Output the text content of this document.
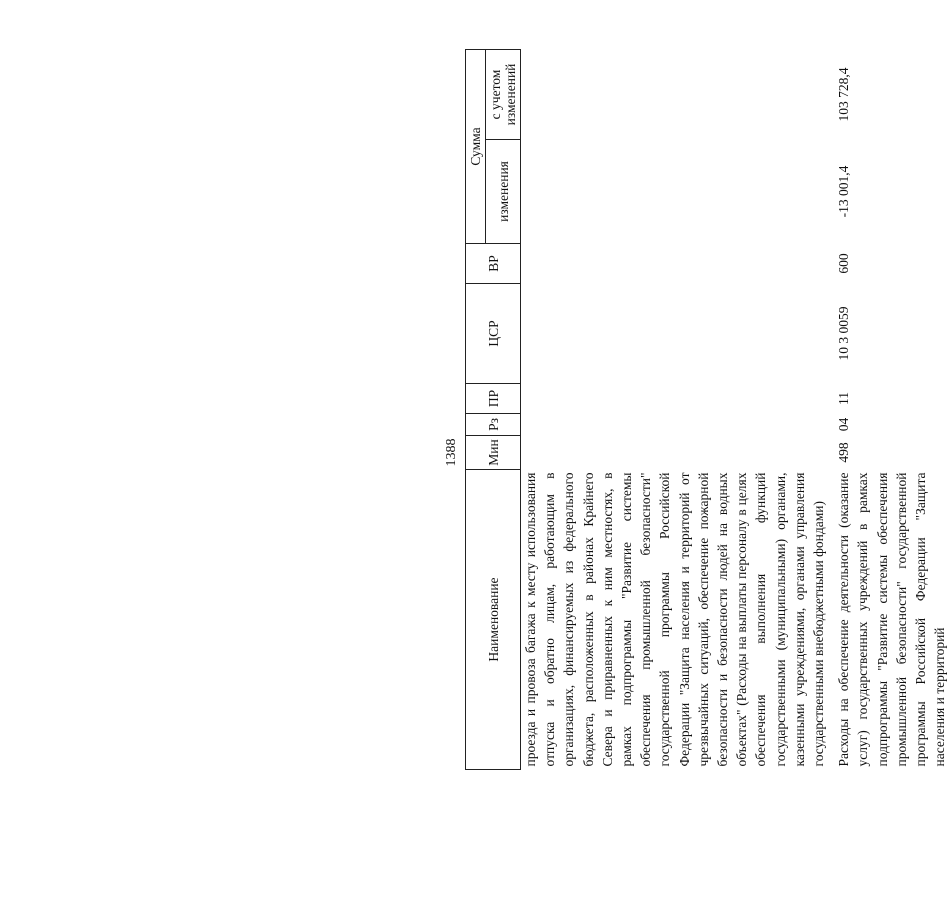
1388
Наименование	Мин	Рз	ПР	ЦСР	ВР	Сумма	
						изменения	с учетом изменений
проезда и провоза багажа к месту использования отпуска и обратно лицам, работающим в организациях, финансируемых из федерального бюджета, расположенных в районах Крайнего Севера и приравненных к ним местностях, в рамках подпрограммы "Развитие системы обеспечения промышленной безопасности" государственной программы Российской Федерации "Защита населения и территорий от чрезвычайных ситуаций, обеспечение пожарной безопасности и безопасности людей на водных объектах" (Расходы на выплаты персоналу в целях обеспечения выполнения функций государственными (муниципальными) органами, казенными учреждениями, органами управления государственными внебюджетными фондами)							

Расходы на обеспечение деятельности (оказание услуг) государственных учреждений в рамках подпрограммы "Развитие системы обеспечения промышленной безопасности" государственной программы Российской Федерации "Защита населения и территорий	498	04	11	10 3 0059	600	-13 001,4	103 728,4
